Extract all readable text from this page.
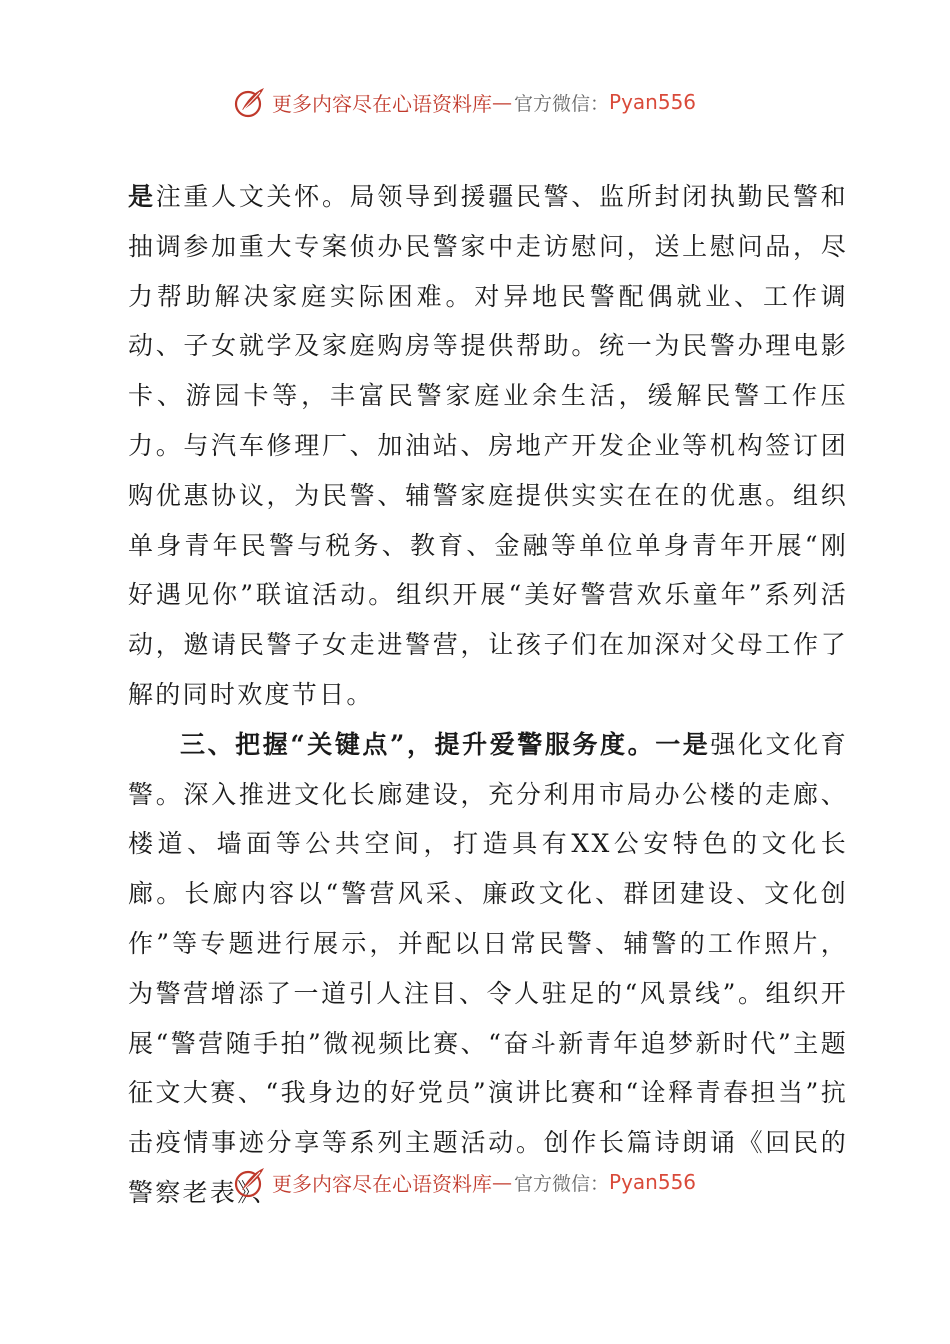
更多内容尽在心语资料库 — 官方微信： Pyan556

是注重人文关怀。局领导到援疆民警、监所封闭执勤民警和抽调参加重大专案侦办民警家中走访慰问，送上慰问品，尽力帮助解决家庭实际困难。对异地民警配偶就业、工作调动、子女就学及家庭购房等提供帮助。统一为民警办理电影卡、游园卡等，丰富民警家庭业余生活，缓解民警工作压力。与汽车修理厂、加油站、房地产开发企业等机构签订团购优惠协议，为民警、辅警家庭提供实实在在的优惠。组织单身青年民警与税务、教育、金融等单位单身青年开展“刚好遇见你”联谊活动。组织开展“美好警营欢乐童年”系列活动，邀请民警子女走进警营，让孩子们在加深对父母工作了解的同时欢度节日。

三、把握“关键点”，提升爱警服务度。一是强化文化育警。深入推进文化长廊建设，充分利用市局办公楼的走廊、楼道、墙面等公共空间，打造具有XX公安特色的文化长廊。长廊内容以“警营风采、廉政文化、群团建设、文化创作”等专题进行展示，并配以日常民警、辅警的工作照片，为警营增添了一道引人注目、令人驻足的“风景线”。组织开展“警营随手拍”微视频比赛、“奋斗新青年追梦新时代”主题征文大赛、“我身边的好党员”演讲比赛和“诠释青春担当”抗击疫情事迹分享等系列主题活动。创作长篇诗朗诵《回民的警察老表》、

更多内容尽在心语资料库 — 官方微信： Pyan556
